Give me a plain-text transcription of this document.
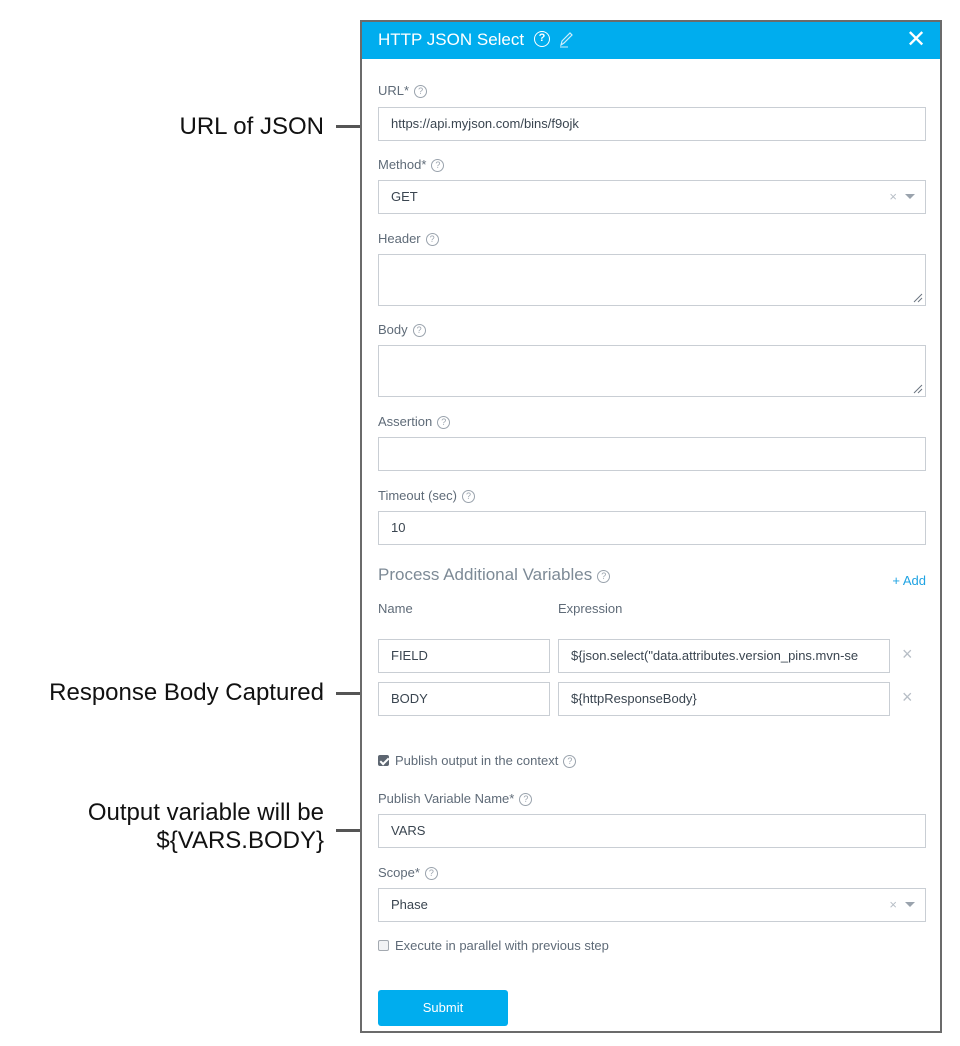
URL of JSON
Response Body Captured
Output variable will be
${VARS.BODY}
HTTP JSON Select	?	✕
URL* ?
https://api.myjson.com/bins/f9ojk
Method* ?
GET	×
Header ?
Body ?
Assertion ?
Timeout (sec) ?
10
Process Additional Variables ?	+ Add
Name	Expression
FIELD	${json.select("data.attributes.version_pins.mvn-se	×
BODY	${httpResponseBody}	×
Publish output in the context ?
Publish Variable Name* ?
VARS
Scope* ?
Phase	×
Execute in parallel with previous step
Submit
